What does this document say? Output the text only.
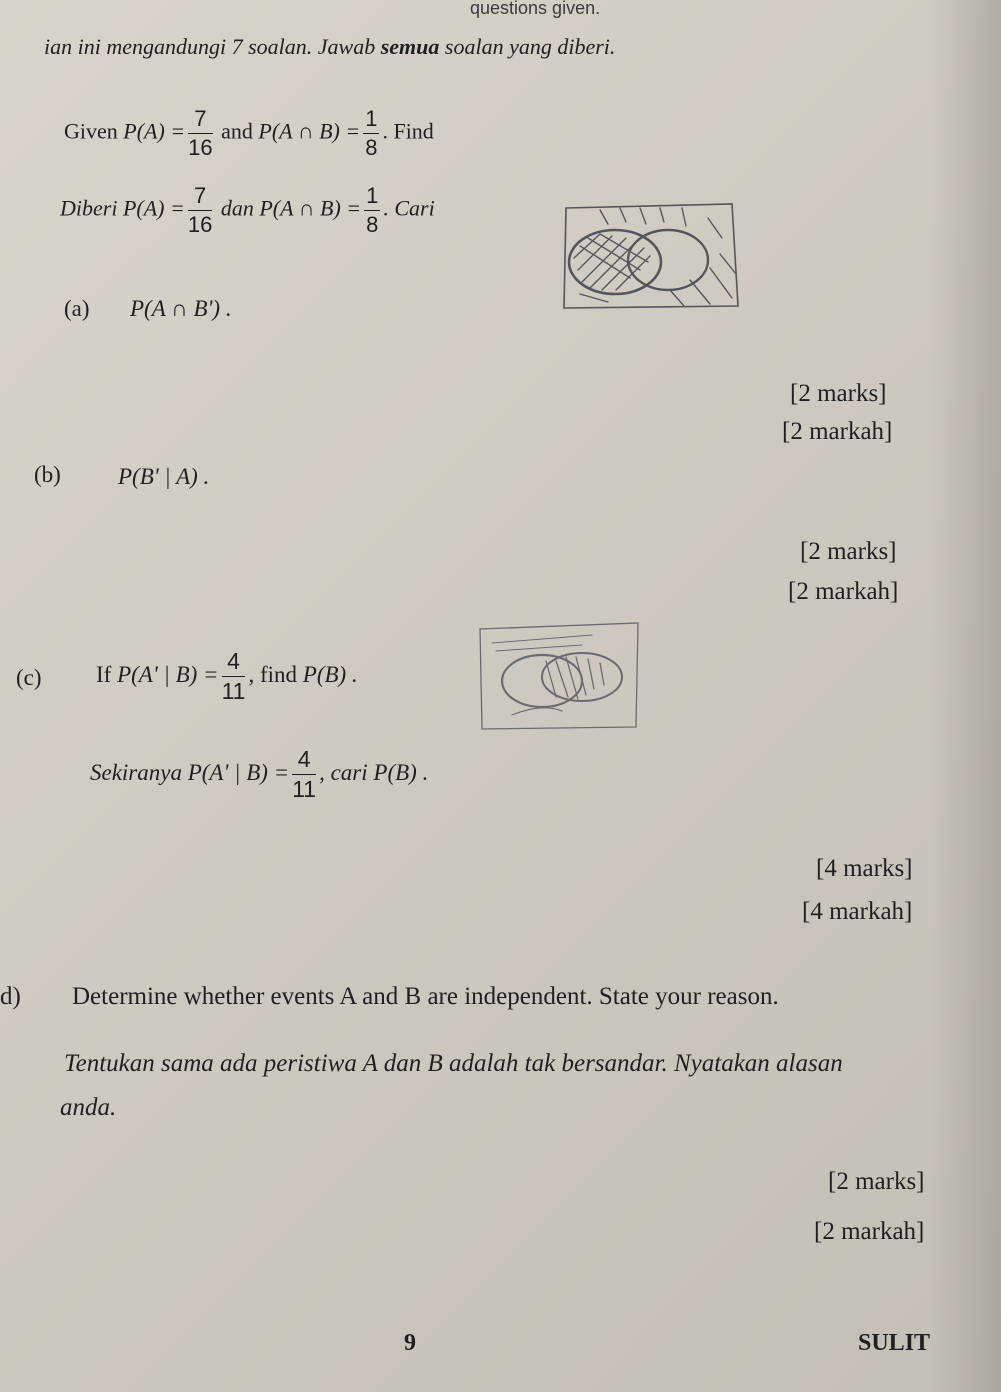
questions given.
ian ini mengandungi 7 soalan. Jawab semua soalan yang diberi.
Given $P(A) = \frac{7}{16}$ and P(A ∩ $B) = \frac{1}{8}$ . Find
Diberi $P(A) = \frac{7}{16}$ dan P(A ∩ $B) = \frac{1}{8}$ . Cari
(a) P(A ∩ B') .
[2 marks]
[2 markah]
(b) P(B' | A) .
[2 marks]
[2 markah]
(c) If P(A' | $B) = \frac{4}{11}$ , find P(B) .
Sekiranya P(A' | $B) = \frac{4}{11}$ , cari P(B) .
[4 marks]
[4 markah]
d) Determine whether events A and B are independent. State your reason.
Tentukan sama ada peristiwa A dan B adalah tak bersandar. Nyatakan alasan
anda.
[2 marks]
[2 markah]
9	SULIT
